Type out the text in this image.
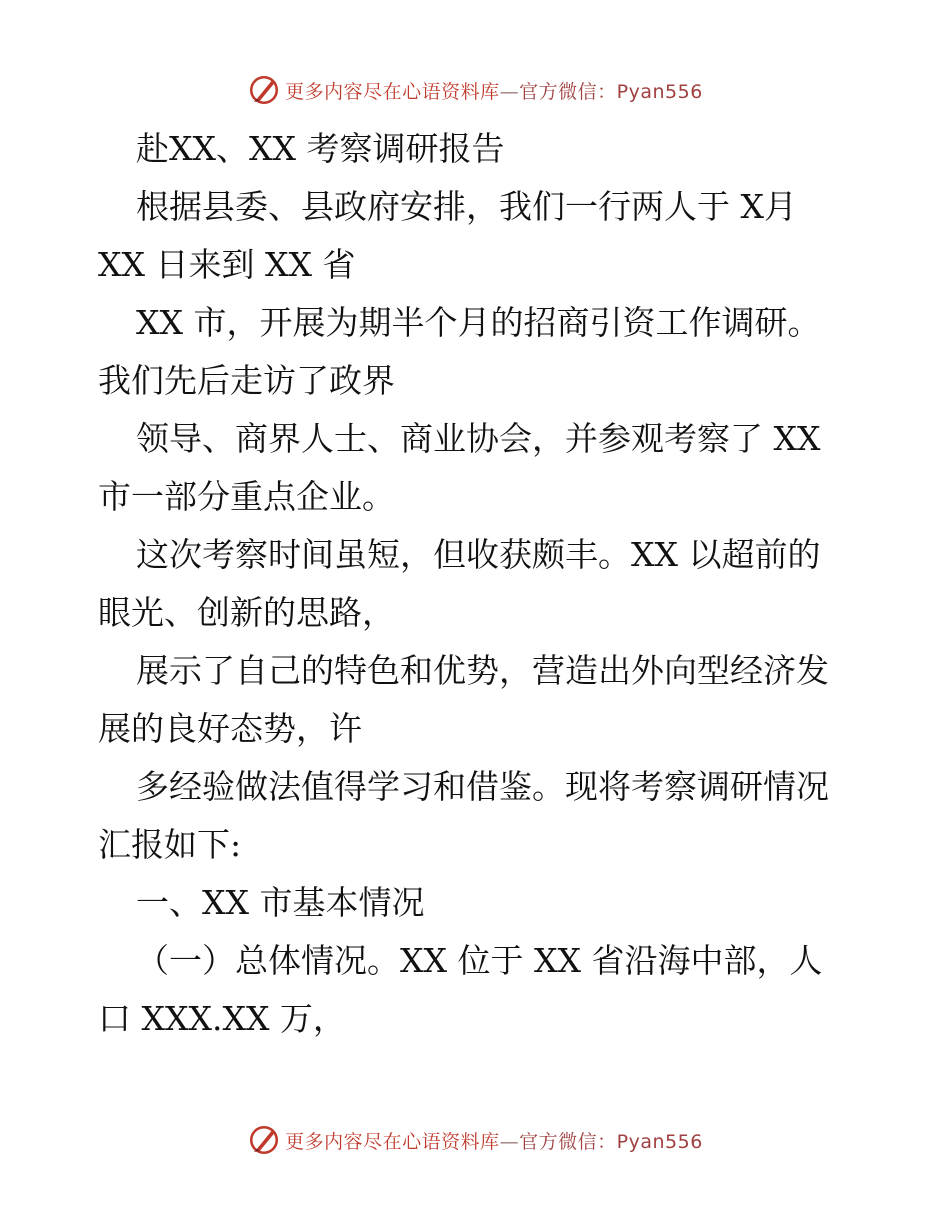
更多内容尽在心语资料库—官方微信：Pyan556
赴XX、XX 考察调研报告
根据县委、县政府安排，我们一行两人于 X月
XX 日来到 XX 省
XX 市，开展为期半个月的招商引资工作调研。
我们先后走访了政界
领导、商界人士、商业协会，并参观考察了 XX
市一部分重点企业。
这次考察时间虽短，但收获颇丰。XX 以超前的
眼光、创新的思路，
展示了自己的特色和优势，营造出外向型经济发
展的良好态势，许
多经验做法值得学习和借鉴。现将考察调研情况
汇报如下:
一、XX 市基本情况
（一）总体情况。XX 位于 XX 省沿海中部，人
口 XXX.XX 万，
更多内容尽在心语资料库—官方微信：Pyan556
